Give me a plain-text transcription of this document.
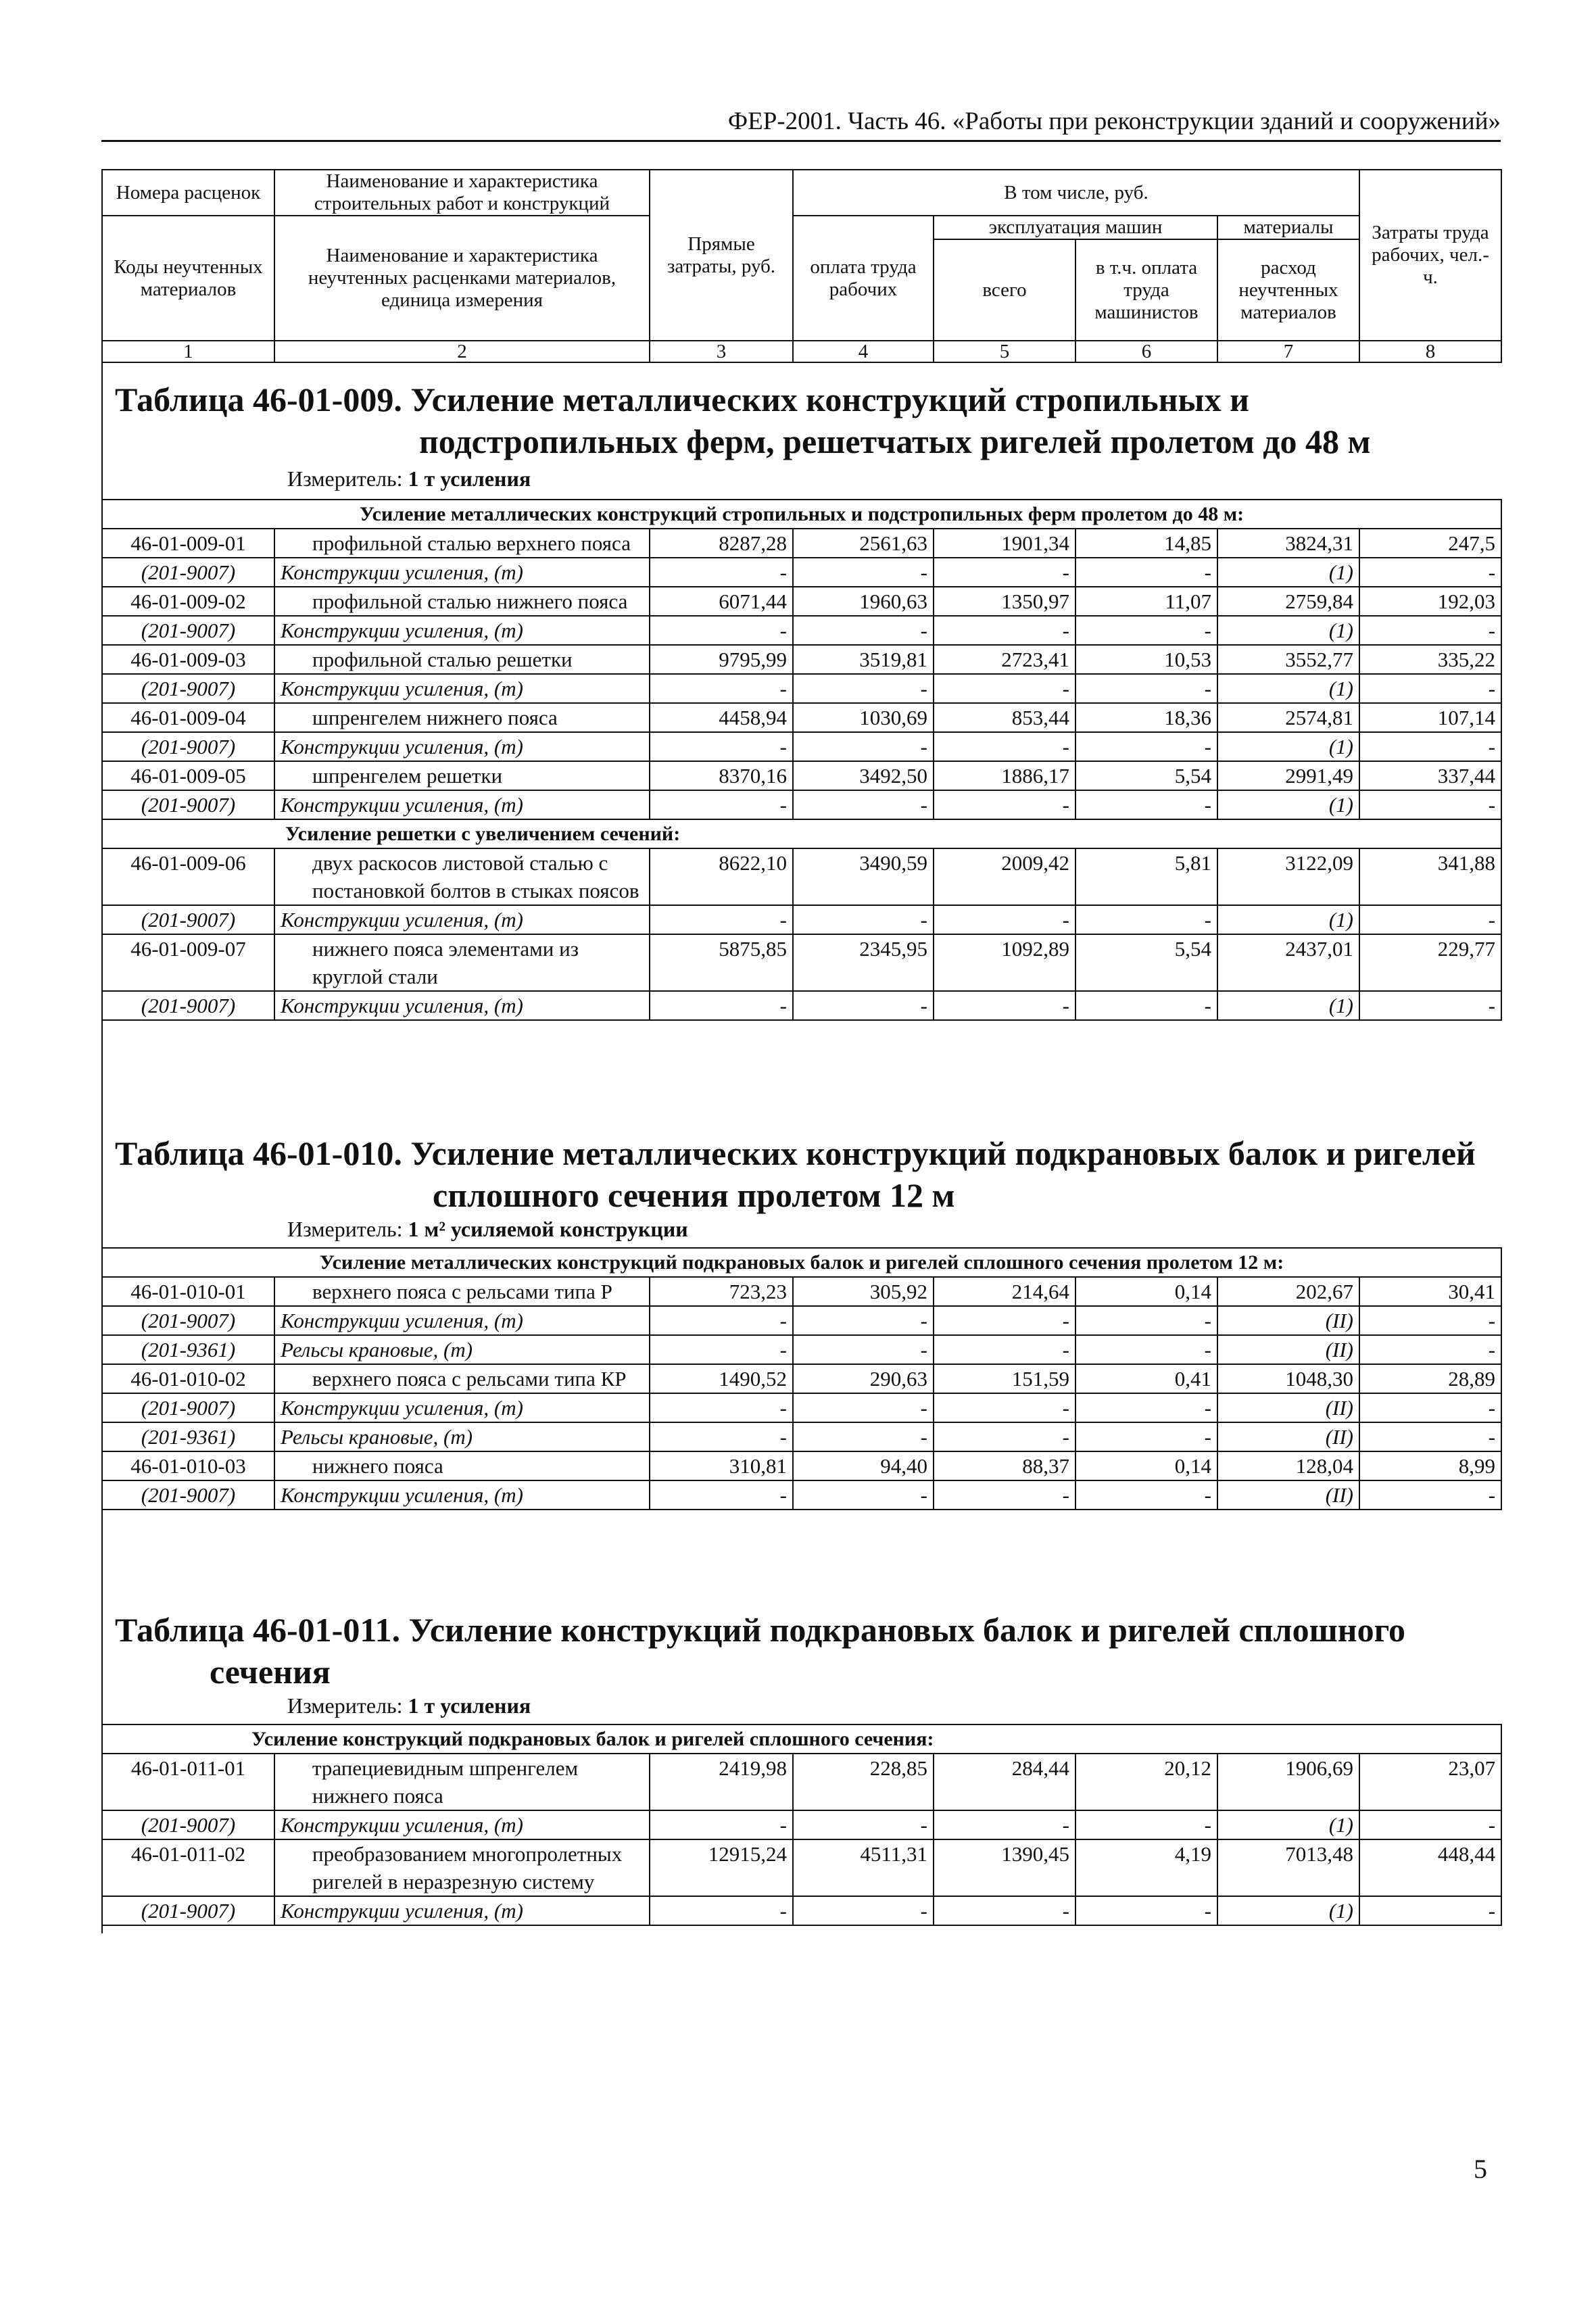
ФЕР-2001. Часть 46. «Работы при реконструкции зданий и сооружений»
Номера расценок	Наименование и характеристика строительных работ и конструкций	Прямые затраты, руб.	В том числе, руб.				Затраты труда рабочих, чел.-ч.
Коды неучтенных материалов	Наименование и характеристика неучтенных расценками материалов, единица измерения		оплата труда рабочих	эксплуатация машин		материалы	
				всего	в т.ч. оплата труда машинистов	расход неучтенных материалов	
1	2	3	4	5	6	7	8
Таблица 46-01-009. Усиление металлических конструкций стропильных и
подстропильных ферм, решетчатых ригелей пролетом до 48 м
Измеритель: 1 т усиления
Усиление металлических конструкций стропильных и подстропильных ферм пролетом до 48 м:							
46-01-009-01	профильной сталью верхнего пояса	8287,28	2561,63	1901,34	14,85	3824,31	247,5
(201-9007)	Конструкции усиления, (т)	-	-	-	-	(1)	-
46-01-009-02	профильной сталью нижнего пояса	6071,44	1960,63	1350,97	11,07	2759,84	192,03
(201-9007)	Конструкции усиления, (т)	-	-	-	-	(1)	-
46-01-009-03	профильной сталью решетки	9795,99	3519,81	2723,41	10,53	3552,77	335,22
(201-9007)	Конструкции усиления, (т)	-	-	-	-	(1)	-
46-01-009-04	шпренгелем нижнего пояса	4458,94	1030,69	853,44	18,36	2574,81	107,14
(201-9007)	Конструкции усиления, (т)	-	-	-	-	(1)	-
46-01-009-05	шпренгелем решетки	8370,16	3492,50	1886,17	5,54	2991,49	337,44
(201-9007)	Конструкции усиления, (т)	-	-	-	-	(1)	-
Усиление решетки с увеличением сечений:							
46-01-009-06	двух раскосов листовой сталью с постановкой болтов в стыках поясов	8622,10	3490,59	2009,42	5,81	3122,09	341,88
(201-9007)	Конструкции усиления, (т)	-	-	-	-	(1)	-
46-01-009-07	нижнего пояса элементами из круглой стали	5875,85	2345,95	1092,89	5,54	2437,01	229,77
(201-9007)	Конструкции усиления, (т)	-	-	-	-	(1)	-
Таблица 46-01-010. Усиление металлических конструкций подкрановых балок и ригелей
сплошного сечения пролетом 12 м
Измеритель: 1 м² усиляемой конструкции
Усиление металлических конструкций подкрановых балок и ригелей сплошного сечения пролетом 12 м:							
46-01-010-01	верхнего пояса с рельсами типа Р	723,23	305,92	214,64	0,14	202,67	30,41
(201-9007)	Конструкции усиления, (т)	-	-	-	-	(II)	-
(201-9361)	Рельсы крановые, (т)	-	-	-	-	(II)	-
46-01-010-02	верхнего пояса с рельсами типа КР	1490,52	290,63	151,59	0,41	1048,30	28,89
(201-9007)	Конструкции усиления, (т)	-	-	-	-	(II)	-
(201-9361)	Рельсы крановые, (т)	-	-	-	-	(II)	-
46-01-010-03	нижнего пояса	310,81	94,40	88,37	0,14	128,04	8,99
(201-9007)	Конструкции усиления, (т)	-	-	-	-	(II)	-
Таблица 46-01-011. Усиление конструкций подкрановых балок и ригелей сплошного
сечения
Измеритель: 1 т усиления
Усиление конструкций подкрановых балок и ригелей сплошного сечения:							
46-01-011-01	трапециевидным шпренгелем нижнего пояса	2419,98	228,85	284,44	20,12	1906,69	23,07
(201-9007)	Конструкции усиления, (т)	-	-	-	-	(1)	-
46-01-011-02	преобразованием многопролетных ригелей в неразрезную систему	12915,24	4511,31	1390,45	4,19	7013,48	448,44
(201-9007)	Конструкции усиления, (т)	-	-	-	-	(1)	-
5
